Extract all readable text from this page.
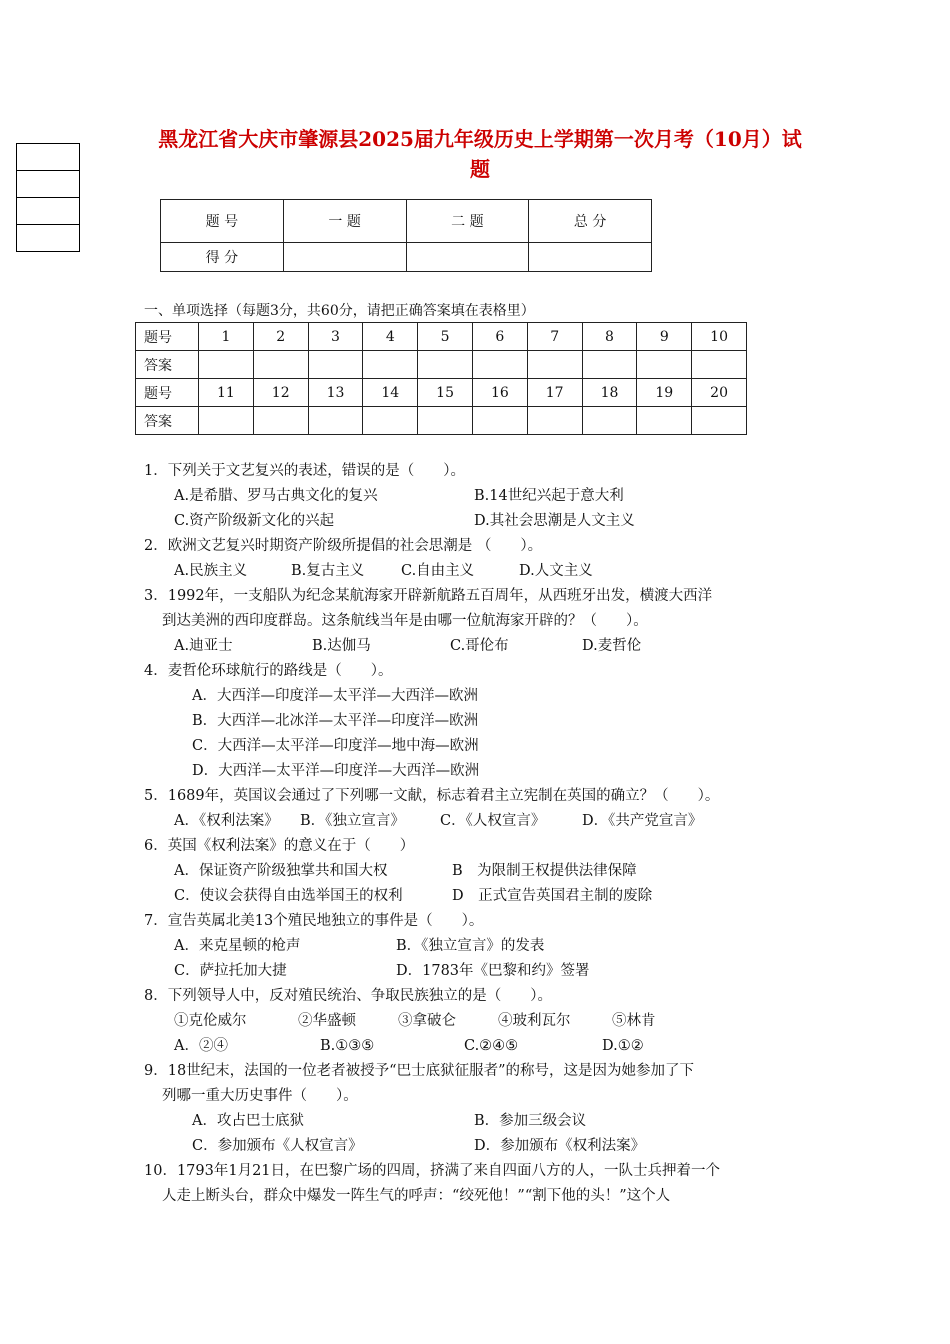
黑龙江省大庆市肇源县2025届九年级历史上学期第一次月考（10月）试题
题 号	一 题	二 题	总 分
得 分			
一、单项选择（每题3分，共60分，请把正确答案填在表格里）
题号	1	2	3	4	5	6	7	8	9	10
答案										
题号	11	12	13	14	15	16	17	18	19	20
答案										
1．下列关于文艺复兴的表述，错误的是（　　）。
A.是希腊、罗马古典文化的复兴	B.14世纪兴起于意大利
C.资产阶级新文化的兴起	D.其社会思潮是人文主义
2．欧洲文艺复兴时期资产阶级所提倡的社会思潮是 （　　）。
A.民族主义	B.复古主义	C.自由主义	D.人文主义
3．1992年，一支船队为纪念某航海家开辟新航路五百周年，从西班牙出发，横渡大西洋
到达美洲的西印度群岛。这条航线当年是由哪一位航海家开辟的？（　　）。
A.迪亚士	B.达伽马	C.哥伦布	D.麦哲伦
4．麦哲伦环球航行的路线是（　　）。
A．大西洋—印度洋—太平洋—大西洋—欧洲
B．大西洋—北冰洋—太平洋—印度洋—欧洲
C．大西洋—太平洋—印度洋—地中海—欧洲
D．大西洋—太平洋—印度洋—大西洋—欧洲
5．1689年，英国议会通过了下列哪一文献，标志着君主立宪制在英国的确立？（　　）。
A．《权利法案》 B．《独立宣言》 C．《人权宣言》	D．《共产党宣言》
6．英国《权利法案》的意义在于（　　）
A．保证资产阶级独掌共和国大权	B　为限制王权提供法律保障
C．使议会获得自由选举国王的权利	D　正式宣告英国君主制的废除
7．宣告英属北美13个殖民地独立的事件是（　　）。
A．来克星顿的枪声	B．《独立宣言》的发表
C．萨拉托加大捷	D．1783年《巴黎和约》签署
8．下列领导人中，反对殖民统治、争取民族独立的是（　　）。
①克伦威尔	②华盛顿	③拿破仑	④玻利瓦尔	⑤林肯
A．②④	B.①③⑤	C.②④⑤	D.①②
9．18世纪末，法国的一位老者被授予“巴士底狱征服者”的称号，这是因为她参加了下
列哪一重大历史事件（　　）。
A．攻占巴士底狱	B．参加三级会议
C．参加颁布《人权宣言》	D．参加颁布《权利法案》
10．1793年1月21日，在巴黎广场的四周，挤满了来自四面八方的人，一队士兵押着一个
人走上断头台，群众中爆发一阵生气的呼声：“绞死他！”“割下他的头！”这个人
